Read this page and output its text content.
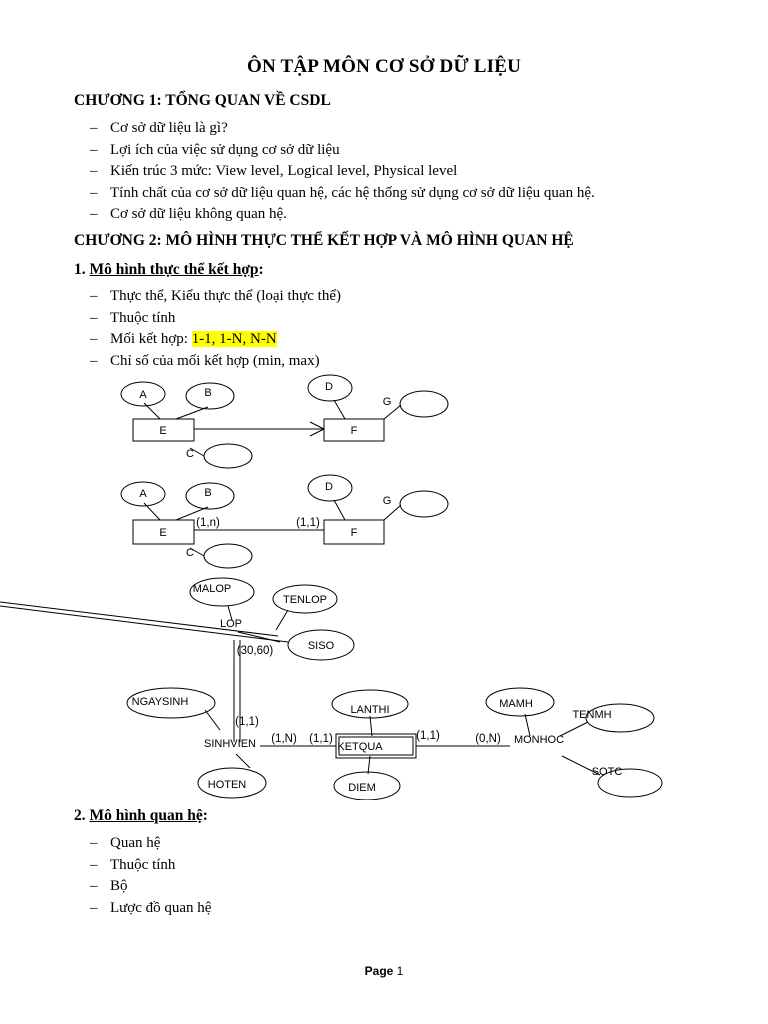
ÔN TẬP MÔN CƠ SỞ DỮ LIỆU
CHƯƠNG 1: TỔNG QUAN VỀ CSDL
– Cơ sở dữ liệu là gì?
– Lợi ích của việc sử dụng cơ sở dữ liệu
– Kiến trúc 3 mức: View level, Logical level, Physical level
– Tính chất của cơ sở dữ liệu quan hệ, các hệ thống sử dụng cơ sở dữ liệu quan hệ.
– Cơ sở dữ liệu không quan hệ.
CHƯƠNG 2: MÔ HÌNH THỰC THỂ KẾT HỢP VÀ MÔ HÌNH QUAN HỆ
1. Mô hình thực thể kết hợp:
– Thực thể, Kiểu thực thể (loại thực thể)
– Thuộc tính
– Mối kết hợp: 1-1, 1-N, N-N
– Chỉ số của mối kết hợp (min, max)
A	B
C
D
G
E	F
A	B
C
D
G
E	F
(1,n)	(1,1)
MALOP
TENLOP
LOP
SISO
(30,60)
NGAYSINH
(1,1)
SINHVIEN (1,N) (1,1)
KETQUA
(1,1)	(0,N) MONHOC
HOTEN
LANTHI
DIEM
MAMH
TENMH
SOTC
2. Mô hình quan hệ:
– Quan hệ
– Thuộc tính
– Bộ
– Lược đồ quan hệ
Page 1
